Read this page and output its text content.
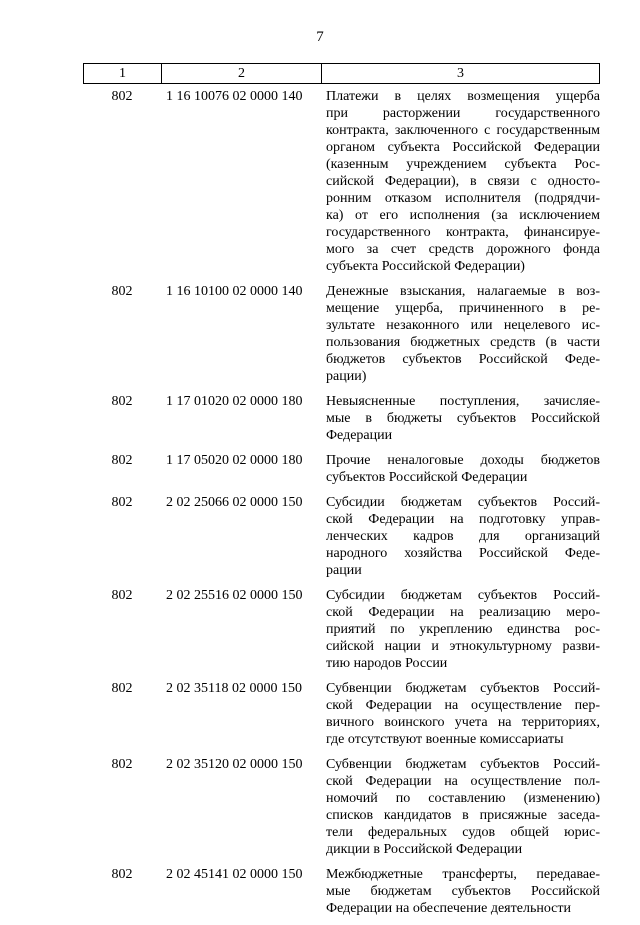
7
1	2	3
802	1 16 10076 02 0000 140	Платежи в целях возмещения ущерба
при расторжении государственного
контракта, заключенного с государственным
органом субъекта Российской Федерации
(казенным учреждением субъекта Рос-
сийской Федерации), в связи с односто-
ронним отказом исполнителя (подрядчи-
ка) от его исполнения (за исключением
государственного контракта, финансируе-
мого за счет средств дорожного фонда
субъекта Российской Федерации)
802	1 16 10100 02 0000 140	Денежные взыскания, налагаемые в воз-
мещение ущерба, причиненного в ре-
зультате незаконного или нецелевого ис-
пользования бюджетных средств (в части
бюджетов субъектов Российской Феде-
рации)
802	1 17 01020 02 0000 180	Невыясненные поступления, зачисляе-
мые в бюджеты субъектов Российской
Федерации
802	1 17 05020 02 0000 180	Прочие неналоговые доходы бюджетов
субъектов Российской Федерации
802	2 02 25066 02 0000 150	Субсидии бюджетам субъектов Россий-
ской Федерации на подготовку управ-
ленческих кадров для организаций
народного хозяйства Российской Феде-
рации
802	2 02 25516 02 0000 150	Субсидии бюджетам субъектов Россий-
ской Федерации на реализацию меро-
приятий по укреплению единства рос-
сийской нации и этнокультурному разви-
тию народов России
802	2 02 35118 02 0000 150	Субвенции бюджетам субъектов Россий-
ской Федерации на осуществление пер-
вичного воинского учета на территориях,
где отсутствуют военные комиссариаты
802	2 02 35120 02 0000 150	Субвенции бюджетам субъектов Россий-
ской Федерации на осуществление пол-
номочий по составлению (изменению)
списков кандидатов в присяжные заседа-
тели федеральных судов общей юрис-
дикции в Российской Федерации
802	2 02 45141 02 0000 150	Межбюджетные трансферты, передавае-
мые бюджетам субъектов Российской
Федерации на обеспечение деятельности
